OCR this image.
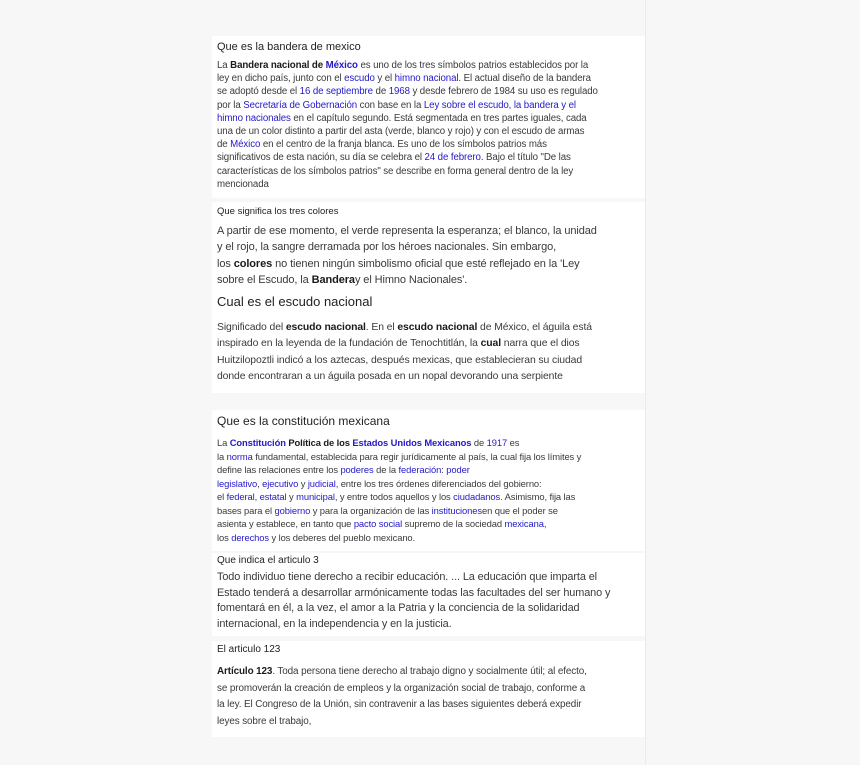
Que es la bandera de mexico

La Bandera nacional de México es uno de los tres símbolos patrios establecidos por la
ley en dicho país, junto con el escudo y el himno nacional. El actual diseño de la bandera
se adoptó desde el 16 de septiembre de 1968 y desde febrero de 1984 su uso es regulado
por la Secretaría de Gobernación con base en la Ley sobre el escudo, la bandera y el
himno nacionales en el capítulo segundo. Está segmentada en tres partes iguales, cada
una de un color distinto a partir del asta (verde, blanco y rojo) y con el escudo de armas
de México en el centro de la franja blanca. Es uno de los símbolos patrios más
significativos de esta nación, su día se celebra el 24 de febrero. Bajo el título "De las
características de los símbolos patrios" se describe en forma general dentro de la ley
mencionada

Que significa los tres colores

A partir de ese momento, el verde representa la esperanza; el blanco, la unidad
y el rojo, la sangre derramada por los héroes nacionales. Sin embargo,
los colores no tienen ningún simbolismo oficial que esté reflejado en la 'Ley
sobre el Escudo, la Banderay el Himno Nacionales'.

Cual es el escudo nacional

Significado del escudo nacional. En el escudo nacional de México, el águila está
inspirado en la leyenda de la fundación de Tenochtitlán, la cual narra que el dios
Huitzilopoztli indicó a los aztecas, después mexicas, que establecieran su ciudad
donde encontraran a un águila posada en un nopal devorando una serpiente

Que es la constitución mexicana

La Constitución Política de los Estados Unidos Mexicanos de 1917 es
la norma fundamental, establecida para regir jurídicamente al país, la cual fija los límites y
define las relaciones entre los poderes de la federación: poder
legislativo, ejecutivo y judicial, entre los tres órdenes diferenciados del gobierno:
el federal, estatal y municipal, y entre todos aquellos y los ciudadanos. Asimismo, fija las
bases para el gobierno y para la organización de las institucionesen que el poder se
asienta y establece, en tanto que pacto social supremo de la sociedad mexicana,
los derechos y los deberes del pueblo mexicano.

Que indica el articulo 3

Todo individuo tiene derecho a recibir educación. ... La educación que imparta el
Estado tenderá a desarrollar armónicamente todas las facultades del ser humano y
fomentará en él, a la vez, el amor a la Patria y la conciencia de la solidaridad
internacional, en la independencia y en la justicia.

El articulo 123

Artículo 123. Toda persona tiene derecho al trabajo digno y socialmente útil; al efecto,
se promoverán la creación de empleos y la organización social de trabajo, conforme a
la ley. El Congreso de la Unión, sin contravenir a las bases siguientes deberá expedir
leyes sobre el trabajo,
